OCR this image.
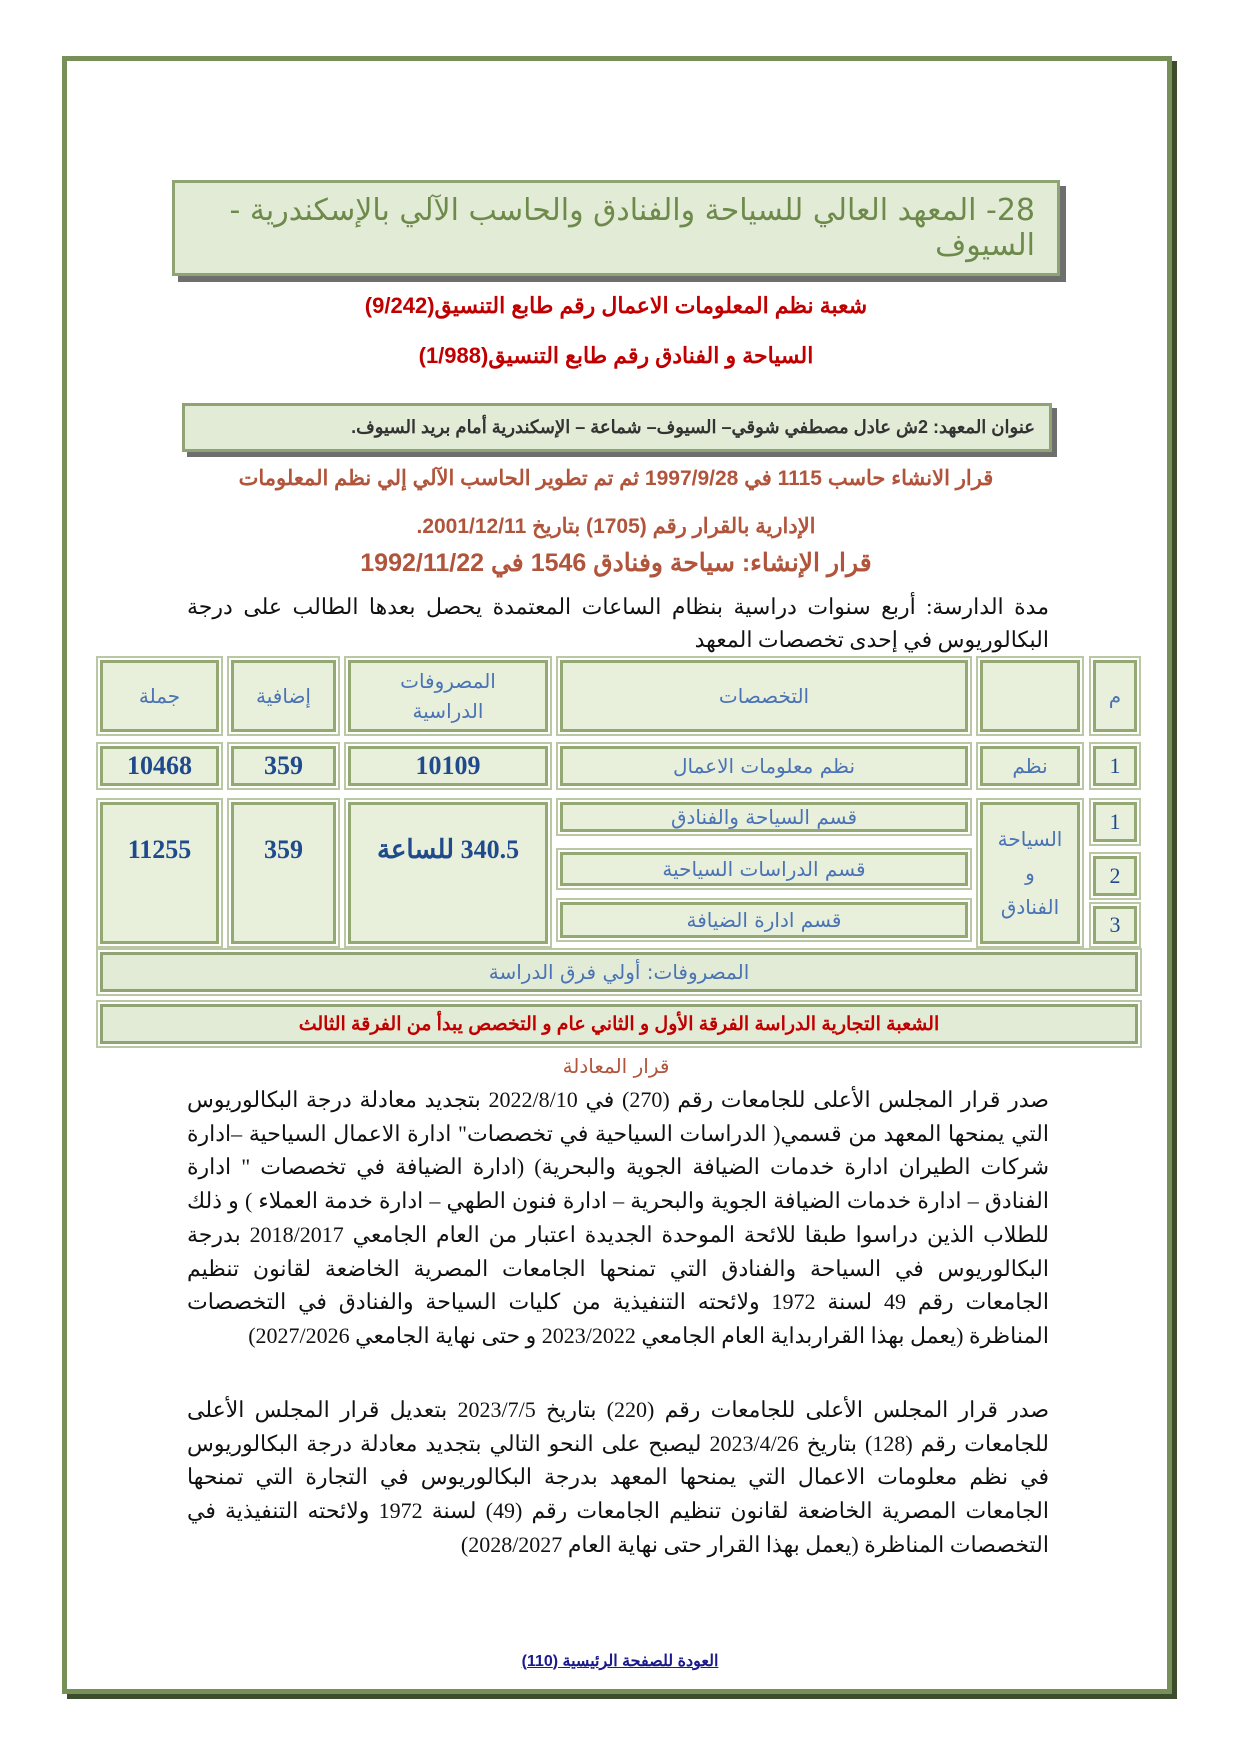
28- المعهد العالي للسياحة والفنادق والحاسب الآلي بالإسكندرية - السيوف
شعبة نظم المعلومات الاعمال رقم طابع التنسيق(9/242)
السياحة و الفنادق رقم طابع التنسيق(1/988)
عنوان المعهد: 2ش عادل مصطفي شوقي– السيوف– شماعة – الإسكندرية أمام بريد السيوف.
قرار الانشاء حاسب 1115 في 1997/9/28 ثم تم تطوير الحاسب الآلي إلي نظم المعلومات
الإدارية بالقرار رقم (1705) بتاريخ 2001/12/11.
قرار الإنشاء: سياحة وفنادق 1546 في 1992/11/22
مدة الدارسة: أربع سنوات دراسية بنظام الساعات المعتمدة يحصل بعدها الطالب على درجة البكالوريوس في إحدى تخصصات المعهد
م
التخصصات
المصروفات الدراسية
إضافية
جملة
1
نظم
نظم معلومات الاعمال
10109
359
10468
1
2
3
السياحة و الفنادق
قسم السياحة والفنادق
قسم الدراسات السياحية
قسم ادارة الضيافة
340.5 للساعة
359
11255
المصروفات: أولي فرق الدراسة
الشعبة التجارية الدراسة الفرقة الأول و الثاني عام و التخصص يبدأ من الفرقة الثالث
قرار المعادلة
صدر قرار المجلس الأعلى للجامعات رقم (270) في 2022/8/10 بتجديد معادلة درجة البكالوريوس التي يمنحها المعهد من قسمي( الدراسات السياحية في تخصصات" ادارة الاعمال السياحية –ادارة شركات الطيران ادارة خدمات الضيافة الجوية والبحرية) (ادارة الضيافة في تخصصات " ادارة الفنادق – ادارة خدمات الضيافة الجوية والبحرية – ادارة فنون الطهي – ادارة خدمة العملاء ) و ذلك للطلاب الذين دراسوا طبقا للائحة الموحدة الجديدة اعتبار من العام الجامعي 2018/2017 بدرجة البكالوريوس في السياحة والفنادق التي تمنحها الجامعات المصرية الخاضعة لقانون تنظيم الجامعات رقم 49 لسنة 1972 ولائحته التنفيذية من كليات السياحة والفنادق في التخصصات المناظرة (يعمل بهذا القراربداية العام الجامعي 2023/2022 و حتى نهاية الجامعي 2027/2026)
صدر قرار المجلس الأعلى للجامعات رقم (220) بتاريخ 2023/7/5 بتعديل قرار المجلس الأعلى للجامعات رقم (128) بتاريخ 2023/4/26 ليصبح على النحو التالي بتجديد معادلة درجة البكالوريوس في نظم معلومات الاعمال التي يمنحها المعهد بدرجة البكالوريوس في التجارة التي تمنحها الجامعات المصرية الخاضعة لقانون تنظيم الجامعات رقم (49) لسنة 1972 ولائحته التنفيذية في التخصصات المناظرة (يعمل بهذا القرار حتى نهاية العام 2028/2027)
العودة للصفحة الرئيسية (110)
